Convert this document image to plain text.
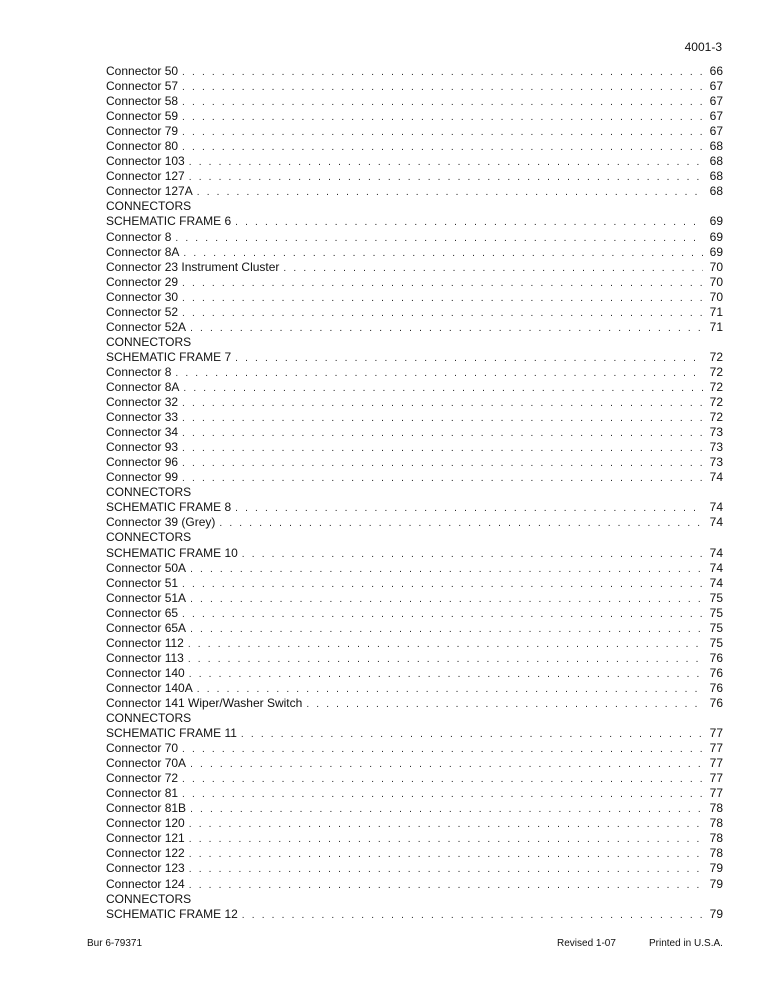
4001-3
Connector 50 . . .	66
Connector 57 . . .	67
Connector 58 . . .	67
Connector 59 . . .	67
Connector 79 . . .	67
Connector 80 . . .	68
Connector 103 . . .	68
Connector 127 . . .	68
Connector 127A . . .	68
CONNECTORS
SCHEMATIC FRAME 6 . . .	69
Connector 8 . . .	69
Connector 8A . . .	69
Connector 23 Instrument Cluster . . .	70
Connector 29 . . .	70
Connector 30 . . .	70
Connector 52 . . .	71
Connector 52A . . .	71
CONNECTORS
SCHEMATIC FRAME 7 . . .	72
Connector 8 . . .	72
Connector 8A . . .	72
Connector 32 . . .	72
Connector 33 . . .	72
Connector 34 . . .	73
Connector 93 . . .	73
Connector 96 . . .	73
Connector 99 . . .	74
CONNECTORS
SCHEMATIC FRAME 8 . . .	74
Connector 39 (Grey) . . .	74
CONNECTORS
SCHEMATIC FRAME 10 . . .	74
Connector 50A . . .	74
Connector 51 . . .	74
Connector 51A . . .	75
Connector 65 . . .	75
Connector 65A . . .	75
Connector 112 . . .	75
Connector 113 . . .	76
Connector 140 . . .	76
Connector 140A . . .	76
Connector 141 Wiper/Washer Switch . . .	76
CONNECTORS
SCHEMATIC FRAME 11 . . .	77
Connector 70 . . .	77
Connector 70A . . .	77
Connector 72 . . .	77
Connector 81 . . .	77
Connector 81B . . .	78
Connector 120 . . .	78
Connector 121 . . .	78
Connector 122 . . .	78
Connector 123 . . .	79
Connector 124 . . .	79
CONNECTORS
SCHEMATIC FRAME 12 . . .	79
Bur 6-79371	Revised 1-07	Printed in U.S.A.
